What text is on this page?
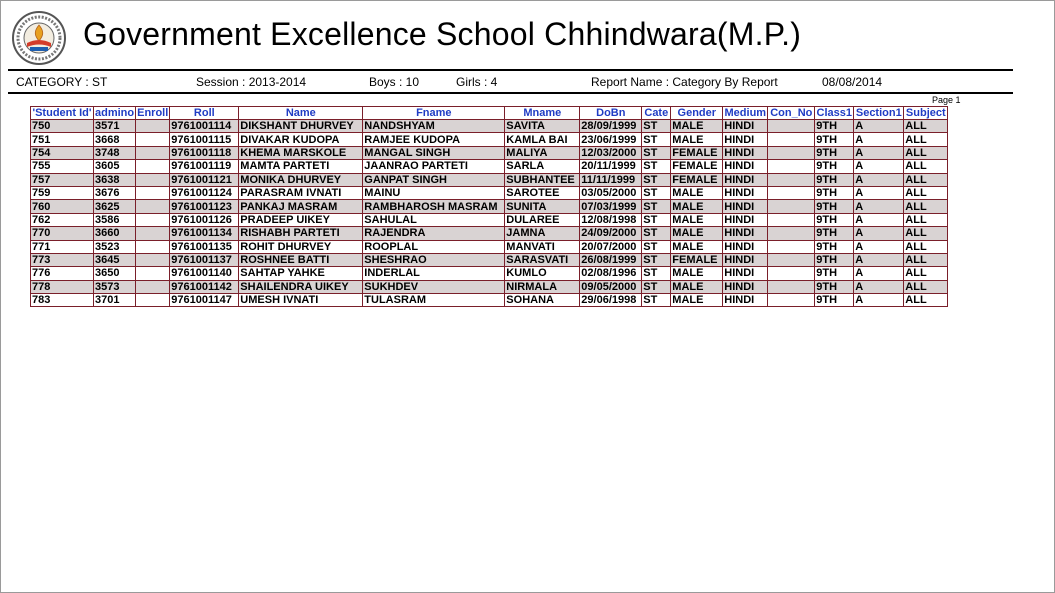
Government Excellence School Chhindwara(M.P.)
CATEGORY : ST	Session : 2013-2014	Boys : 10	Girls : 4	Report Name : Category By Report	08/08/2014
Page 1
'Student Id'	admino	Enroll	Roll	Name	Fname	Mname	DoBn	Cate	Gender	Medium	Con_No	Class1	Section1	Subject
750	3571		9761001114	DIKSHANT DHURVEY	NANDSHYAM	SAVITA	28/09/1999	ST	MALE	HINDI		9TH	A	ALL
751	3668		9761001115	DIVAKAR KUDOPA	RAMJEE KUDOPA	KAMLA BAI	23/06/1999	ST	MALE	HINDI		9TH	A	ALL
754	3748		9761001118	KHEMA MARSKOLE	MANGAL SINGH	MALIYA	12/03/2000	ST	FEMALE	HINDI		9TH	A	ALL
755	3605		9761001119	MAMTA PARTETI	JAANRAO PARTETI	SARLA	20/11/1999	ST	FEMALE	HINDI		9TH	A	ALL
757	3638		9761001121	MONIKA DHURVEY	GANPAT SINGH	SUBHANTEE	11/11/1999	ST	FEMALE	HINDI		9TH	A	ALL
759	3676		9761001124	PARASRAM IVNATI	MAINU	SAROTEE	03/05/2000	ST	MALE	HINDI		9TH	A	ALL
760	3625		9761001123	PANKAJ MASRAM	RAMBHAROSH MASRAM	SUNITA	07/03/1999	ST	MALE	HINDI		9TH	A	ALL
762	3586		9761001126	PRADEEP UIKEY	SAHULAL	DULAREE	12/08/1998	ST	MALE	HINDI		9TH	A	ALL
770	3660		9761001134	RISHABH PARTETI	RAJENDRA	JAMNA	24/09/2000	ST	MALE	HINDI		9TH	A	ALL
771	3523		9761001135	ROHIT DHURVEY	ROOPLAL	MANVATI	20/07/2000	ST	MALE	HINDI		9TH	A	ALL
773	3645		9761001137	ROSHNEE BATTI	SHESHRAO	SARASVATI	26/08/1999	ST	FEMALE	HINDI		9TH	A	ALL
776	3650		9761001140	SAHTAP YAHKE	INDERLAL	KUMLO	02/08/1996	ST	MALE	HINDI		9TH	A	ALL
778	3573		9761001142	SHAILENDRA UIKEY	SUKHDEV	NIRMALA	09/05/2000	ST	MALE	HINDI		9TH	A	ALL
783	3701		9761001147	UMESH IVNATI	TULASRAM	SOHANA	29/06/1998	ST	MALE	HINDI		9TH	A	ALL
